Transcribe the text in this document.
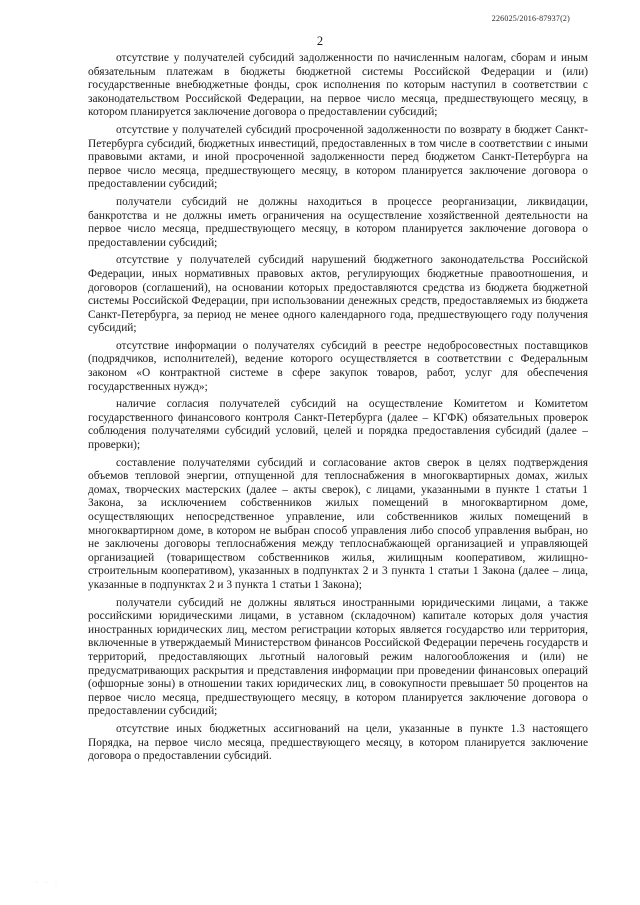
226025/2016-87937(2)
2

отсутствие у получателей субсидий задолженности по начисленным налогам, сборам и иным обязательным платежам в бюджеты бюджетной системы Российской Федерации и (или) государственные внебюджетные фонды, срок исполнения по которым наступил в соответствии с законодательством Российской Федерации, на первое число месяца, предшествующего месяцу, в котором планируется заключение договора о предоставлении субсидий;

отсутствие у получателей субсидий просроченной задолженности по возврату в бюджет Санкт-Петербурга субсидий, бюджетных инвестиций, предоставленных в том числе в соответствии с иными правовыми актами, и иной просроченной задолженности перед бюджетом Санкт-Петербурга на первое число месяца, предшествующего месяцу, в котором планируется заключение договора о предоставлении субсидий;

получатели субсидий не должны находиться в процессе реорганизации, ликвидации, банкротства и не должны иметь ограничения на осуществление хозяйственной деятельности на первое число месяца, предшествующего месяцу, в котором планируется заключение договора о предоставлении субсидий;

отсутствие у получателей субсидий нарушений бюджетного законодательства Российской Федерации, иных нормативных правовых актов, регулирующих бюджетные правоотношения, и договоров (соглашений), на основании которых предоставляются средства из бюджета бюджетной системы Российской Федерации, при использовании денежных средств, предоставляемых из бюджета Санкт-Петербурга, за период не менее одного календарного года, предшествующего году получения субсидий;

отсутствие информации о получателях субсидий в реестре недобросовестных поставщиков (подрядчиков, исполнителей), ведение которого осуществляется в соответствии с Федеральным законом «О контрактной системе в сфере закупок товаров, работ, услуг для обеспечения государственных нужд»;

наличие согласия получателей субсидий на осуществление Комитетом и Комитетом государственного финансового контроля Санкт-Петербурга (далее – КГФК) обязательных проверок соблюдения получателями субсидий условий, целей и порядка предоставления субсидий (далее – проверки);

составление получателями субсидий и согласование актов сверок в целях подтверждения объемов тепловой энергии, отпущенной для теплоснабжения в многоквартирных домах, жилых домах, творческих мастерских (далее – акты сверок), с лицами, указанными в пункте 1 статьи 1 Закона, за исключением собственников жилых помещений в многоквартирном доме, осуществляющих непосредственное управление, или собственников жилых помещений в многоквартирном доме, в котором не выбран способ управления либо способ управления выбран, но не заключены договоры теплоснабжения между теплоснабжающей организацией и управляющей организацией (товариществом собственников жилья, жилищным кооперативом, жилищно-строительным кооперативом), указанных в подпунктах 2 и 3 пункта 1 статьи 1 Закона (далее – лица, указанные в подпунктах 2 и 3 пункта 1 статьи 1 Закона);

получатели субсидий не должны являться иностранными юридическими лицами, а также российскими юридическими лицами, в уставном (складочном) капитале которых доля участия иностранных юридических лиц, местом регистрации которых является государство или территория, включенные в утверждаемый Министерством финансов Российской Федерации перечень государств и территорий, предоставляющих льготный налоговый режим налогообложения и (или) не предусматривающих раскрытия и представления информации при проведении финансовых операций (офшорные зоны) в отношении таких юридических лиц, в совокупности превышает 50 процентов на первое число месяца, предшествующего месяцу, в котором планируется заключение договора о предоставлении субсидий;

отсутствие иных бюджетных ассигнований на цели, указанные в пункте 1.3 настоящего Порядка, на первое число месяца, предшествующего месяцу, в котором планируется заключение договора о предоставлении субсидий.

· · ·
